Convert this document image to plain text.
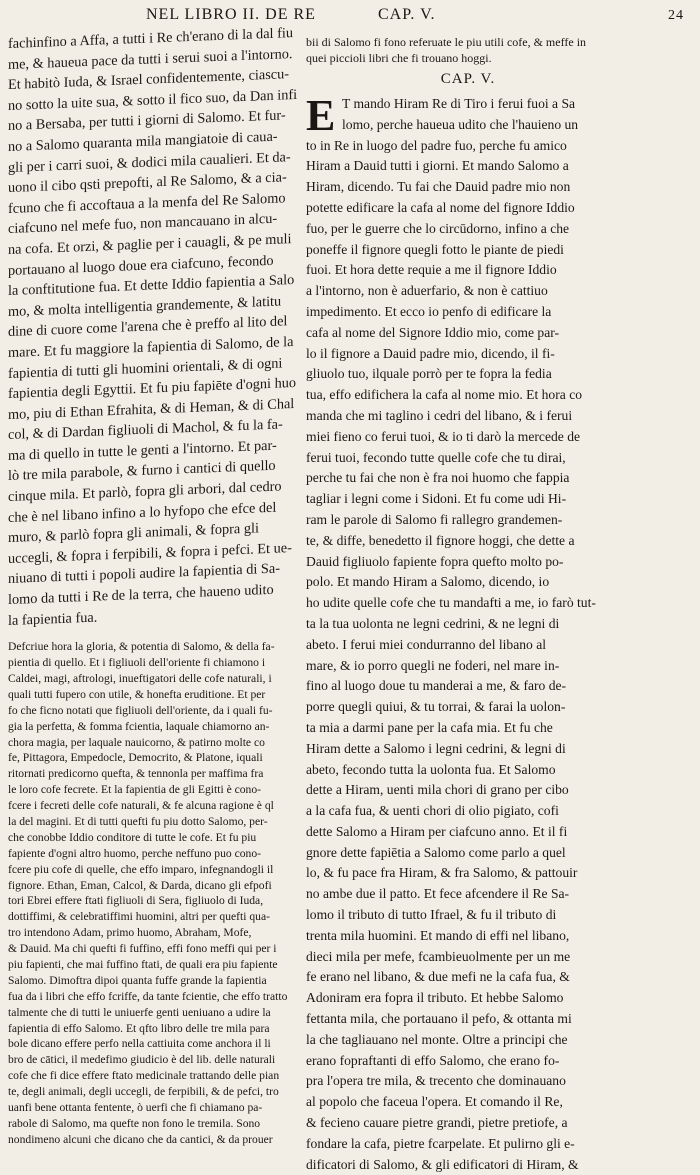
NEL LIBRO II. DE RE	CAP. V.	24
fachinfino a Affa, a tutti i Re ch'erano di la dal fiu
me, & haueua pace da tutti i serui suoi a l'intorno.
Et habitò Iuda, & Israel confidentemente, ciascu-
no sotto la uite sua, & sotto il fico suo, da Dan infi
no a Bersaba, per tutti i giorni di Salomo. Et fur-
no a Salomo quaranta mila mangiatoie di caua-
gli per i carri suoi, & dodici mila caualieri. Et da-
uono il cibo qsti prepofti, al Re Salomo, & a cia-
fcuno che fi accoftaua a la menfa del Re Salomo
ciafcuno nel mefe fuo, non mancauano in alcu-
na cofa. Et orzi, & paglie per i cauagli, & pe muli
portauano al luogo doue era ciafcuno, fecondo
la conftitutione fua. Et dette Iddio fapientia a Salo
mo, & molta intelligentia grandemente, & latitu
dine di cuore come l'arena che è preffo al lito del
mare. Et fu maggiore la fapientia di Salomo, de la
fapientia di tutti gli huomini orientali, & di ogni
fapientia degli Egyttii. Et fu piu fapiēte d'ogni huo
mo, piu di Ethan Efrahita, & di Heman, & di Chal
col, & di Dardan figliuoli di Machol, & fu la fa-
ma di quello in tutte le genti a l'intorno. Et par-
lò tre mila parabole, & furno i cantici di quello
cinque mila. Et parlò, fopra gli arbori, dal cedro
che è nel libano infino a lo hyfopo che efce del
muro, & parlò fopra gli animali, & fopra gli
uccegli, & fopra i ferpibili, & fopra i pefci. Et ue-
niuano di tutti i popoli audire la fapientia di Sa-
lomo da tutti i Re de la terra, che haueno udito
la fapientia fua.
Defcriue hora la gloria, & potentia di Salomo, & della fa-
pientia di quello. Et i figliuoli dell'oriente fi chiamono i
Caldei, magi, aftrologi, inueftigatori delle cofe naturali, i
quali tutti fupero con utile, & honefta eruditione. Et per
fo che ficno notati que figliuoli dell'oriente, da i quali fu-
gia la perfetta, & fomma fcientia, laquale chiamorno an-
chora magia, per laquale nauicorno, & patirno molte co
fe, Pittagora, Empedocle, Democrito, & Platone, iquali
ritornati predicorno quefta, & tennonla per maffima fra
le loro cofe fecrete. Et la fapientia de gli Egitti è cono-
fcere i fecreti delle cofe naturali, & fe alcuna ragione è ql
la del magini. Et di tutti quefti fu piu dotto Salomo, per-
che conobbe Iddio conditore di tutte le cofe. Et fu piu
fapiente d'ogni altro huomo, perche neffuno puo cono-
fcere piu cofe di quelle, che effo imparo, infegnandogli il
fignore. Ethan, Eman, Calcol, & Darda, dicano gli efpofi
tori Ebrei effere ftati figliuoli di Sera, figliuolo di Iuda,
dottiffimi, & celebratiffimi huomini, altri per quefti qua-
tro intendono Adam, primo huomo, Abraham, Mofe,
& Dauid. Ma chi quefti fi fuffino, effi fono meffi qui per i
piu fapienti, che mai fuffino ftati, de quali era piu fapiente
Salomo. Dimoftra dipoi quanta fuffe grande la fapientia
fua da i libri che effo fcriffe, da tante fcientie, che effo tratto
talmente che di tutti le uniuerfe genti ueniuano a udire la
fapientia di effo Salomo. Et qfto libro delle tre mila para
bole dicano effere perfo nella cattiuita come anchora il li
bro de cātici, il medefimo giudicio è del lib. delle naturali
cofe che fi dice effere ftato medicinale trattando delle pian
te, degli animali, degli uccegli, de ferpibili, & de pefci, tro
uanfi bene ottanta fentente, ò uerfi che fi chiamano pa-
rabole di Salomo, ma quefte non fono le tremila. Sono
nondimeno alcuni che dicano che da cantici, & da prouer
bii di Salomo fi fono referuate le piu utili cofe, & meffe in
quei piccioli libri che fi trouano hoggi.
CAP. V.
E T mando Hiram Re di Tiro i ferui fuoi a Sa
lomo, perche haueua udito che l'hauieno un
to in Re in luogo del padre fuo, perche fu amico
Hiram a Dauid tutti i giorni. Et mando Salomo a
Hiram, dicendo. Tu fai che Dauid padre mio non
potette edificare la cafa al nome del fignore Iddio
fuo, per le guerre che lo circūdorno, infino a che
poneffe il fignore quegli fotto le piante de piedi
fuoi. Et hora dette requie a me il fignore Iddio
a l'intorno, non è aduerfario, & non è cattiuo
impedimento. Et ecco io penfo di edificare la
cafa al nome del Signore Iddio mio, come par-
lo il fignore a Dauid padre mio, dicendo, il fi-
gliuolo tuo, ilquale porrò per te fopra la fedia
tua, effo edifichera la cafa al nome mio. Et hora co
manda che mi taglino i cedri del libano, & i ferui
miei fieno co ferui tuoi, & io ti darò la mercede de
ferui tuoi, fecondo tutte quelle cofe che tu dirai,
perche tu fai che non è fra noi huomo che fappia
tagliar i legni come i Sidoni. Et fu come udi Hi-
ram le parole di Salomo fi rallegro grandemen-
te, & diffe, benedetto il fignore hoggi, che dette a
Dauid figliuolo fapiente fopra quefto molto po-
polo. Et mando Hiram a Salomo, dicendo, io
ho udite quelle cofe che tu mandafti a me, io farò tut-
ta la tua uolonta ne legni cedrini, & ne legni di
abeto. I ferui miei condurranno del libano al
mare, & io porro quegli ne foderi, nel mare in-
fino al luogo doue tu manderai a me, & faro de-
porre quegli quiui, & tu torrai, & farai la uolon-
ta mia a darmi pane per la cafa mia. Et fu che
Hiram dette a Salomo i legni cedrini, & legni di
abeto, fecondo tutta la uolonta fua. Et Salomo
dette a Hiram, uenti mila chori di grano per cibo
a la cafa fua, & uenti chori di olio pigiato, cofi
dette Salomo a Hiram per ciafcuno anno. Et il fi
gnore dette fapiētia a Salomo come parlo a quel
lo, & fu pace fra Hiram, & fra Salomo, & pattouir
no ambe due il patto. Et fece afcendere il Re Sa-
lomo il tributo di tutto Ifrael, & fu il tributo di
trenta mila huomini. Et mando di effi nel libano,
dieci mila per mefe, fcambieuolmente per un me
fe erano nel libano, & due mefi ne la cafa fua, &
Adoniram era fopra il tributo. Et hebbe Salomo
fettanta mila, che portauano il pefo, & ottanta mi
la che tagliauano nel monte. Oltre a principi che
erano fopraftanti di effo Salomo, che erano fo-
pra l'opera tre mila, & trecento che dominauano
al popolo che faceua l'opera. Et comando il Re,
& fecieno cauare pietre grandi, pietre pretiofe, a
fondare la cafa, pietre fcarpelate. Et pulirno gli e-
dificatori di Salomo, & gli edificatori di Hiram, &
